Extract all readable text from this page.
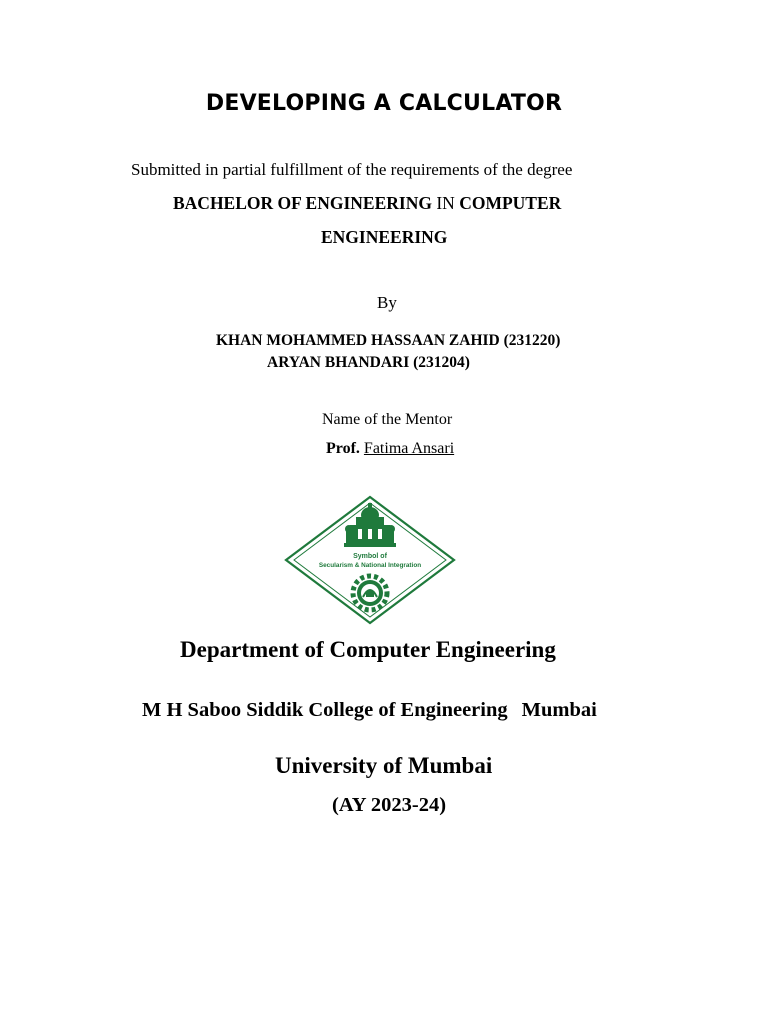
DEVELOPING A CALCULATOR
Submitted in partial fulfillment of the requirements of the degree
BACHELOR OF ENGINEERING IN COMPUTER
ENGINEERING
By
KHAN MOHAMMED HASSAAN ZAHID (231220)
ARYAN BHANDARI (231204)
Name of the Mentor
Prof. Fatima Ansari
Symbol of
Secularism & National Integration
Department of Computer Engineering
M H Saboo Siddik College of Engineering Mumbai
University of Mumbai
(AY 2023-24)
